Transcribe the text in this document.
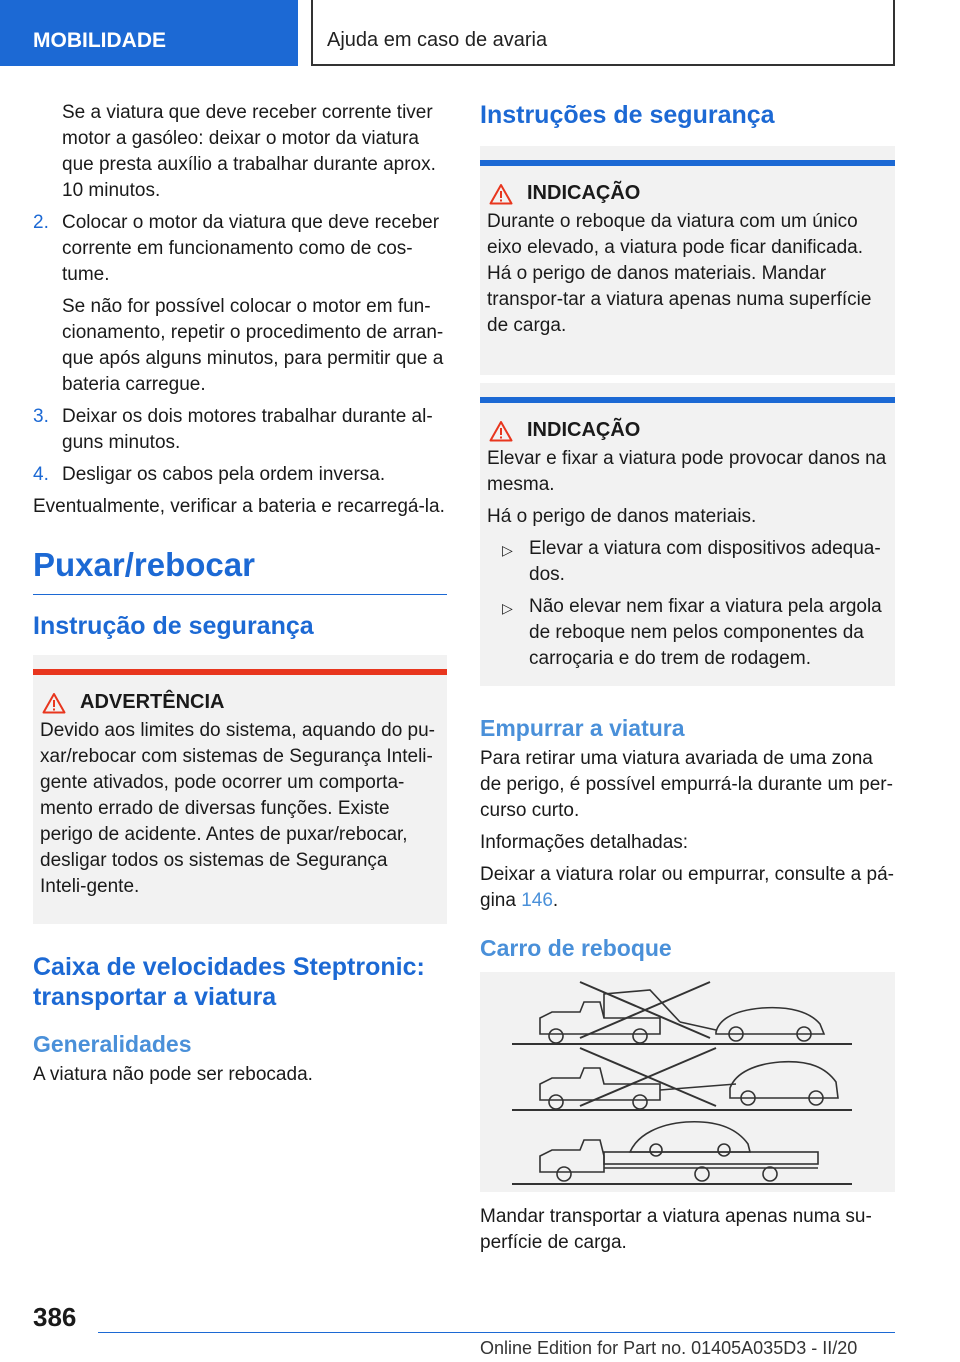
MOBILIDADE	Ajuda em caso de avaria

Se a viatura que deve receber corrente tiver motor a gasóleo: deixar o motor da viatura que presta auxílio a trabalhar durante aprox. 10 minutos.

2. Colocar o motor da viatura que deve receber corrente em funcionamento como de cos-tume.

Se não for possível colocar o motor em fun-cionamento, repetir o procedimento de arran-que após alguns minutos, para permitir que a bateria carregue.

3. Deixar os dois motores trabalhar durante al-guns minutos.
4. Desligar os cabos pela ordem inversa.

Eventualmente, verificar a bateria e recarregá-la.

Puxar/rebocar
Instrução de segurança
ADVERTÊNCIA

Devido aos limites do sistema, aquando do pu-xar/rebocar com sistemas de Segurança Inteli-gente ativados, pode ocorrer um comporta-mento errado de diversas funções. Existe perigo de acidente. Antes de puxar/rebocar, desligar todos os sistemas de Segurança Inteli-gente.

Caixa de velocidades Steptronic: transportar a viatura
Generalidades

A viatura não pode ser rebocada.

Instruções de segurança
INDICAÇÃO

Durante o reboque da viatura com um único eixo elevado, a viatura pode ficar danificada. Há o perigo de danos materiais. Mandar transpor-tar a viatura apenas numa superfície de carga.

INDICAÇÃO

Elevar e fixar a viatura pode provocar danos na mesma.

Há o perigo de danos materiais.

▷ Elevar a viatura com dispositivos adequa-dos.
▷ Não elevar nem fixar a viatura pela argola de reboque nem pelos componentes da carroçaria e do trem de rodagem.
Empurrar a viatura

Para retirar uma viatura avariada de uma zona de perigo, é possível empurrá-la durante um per-curso curto.

Informações detalhadas:

Deixar a viatura rolar ou empurrar, consulte a pá-gina 146.

Carro de reboque

Mandar transportar a viatura apenas numa su-perfície de carga.

386
Online Edition for Part no. 01405A035D3 - II/20
